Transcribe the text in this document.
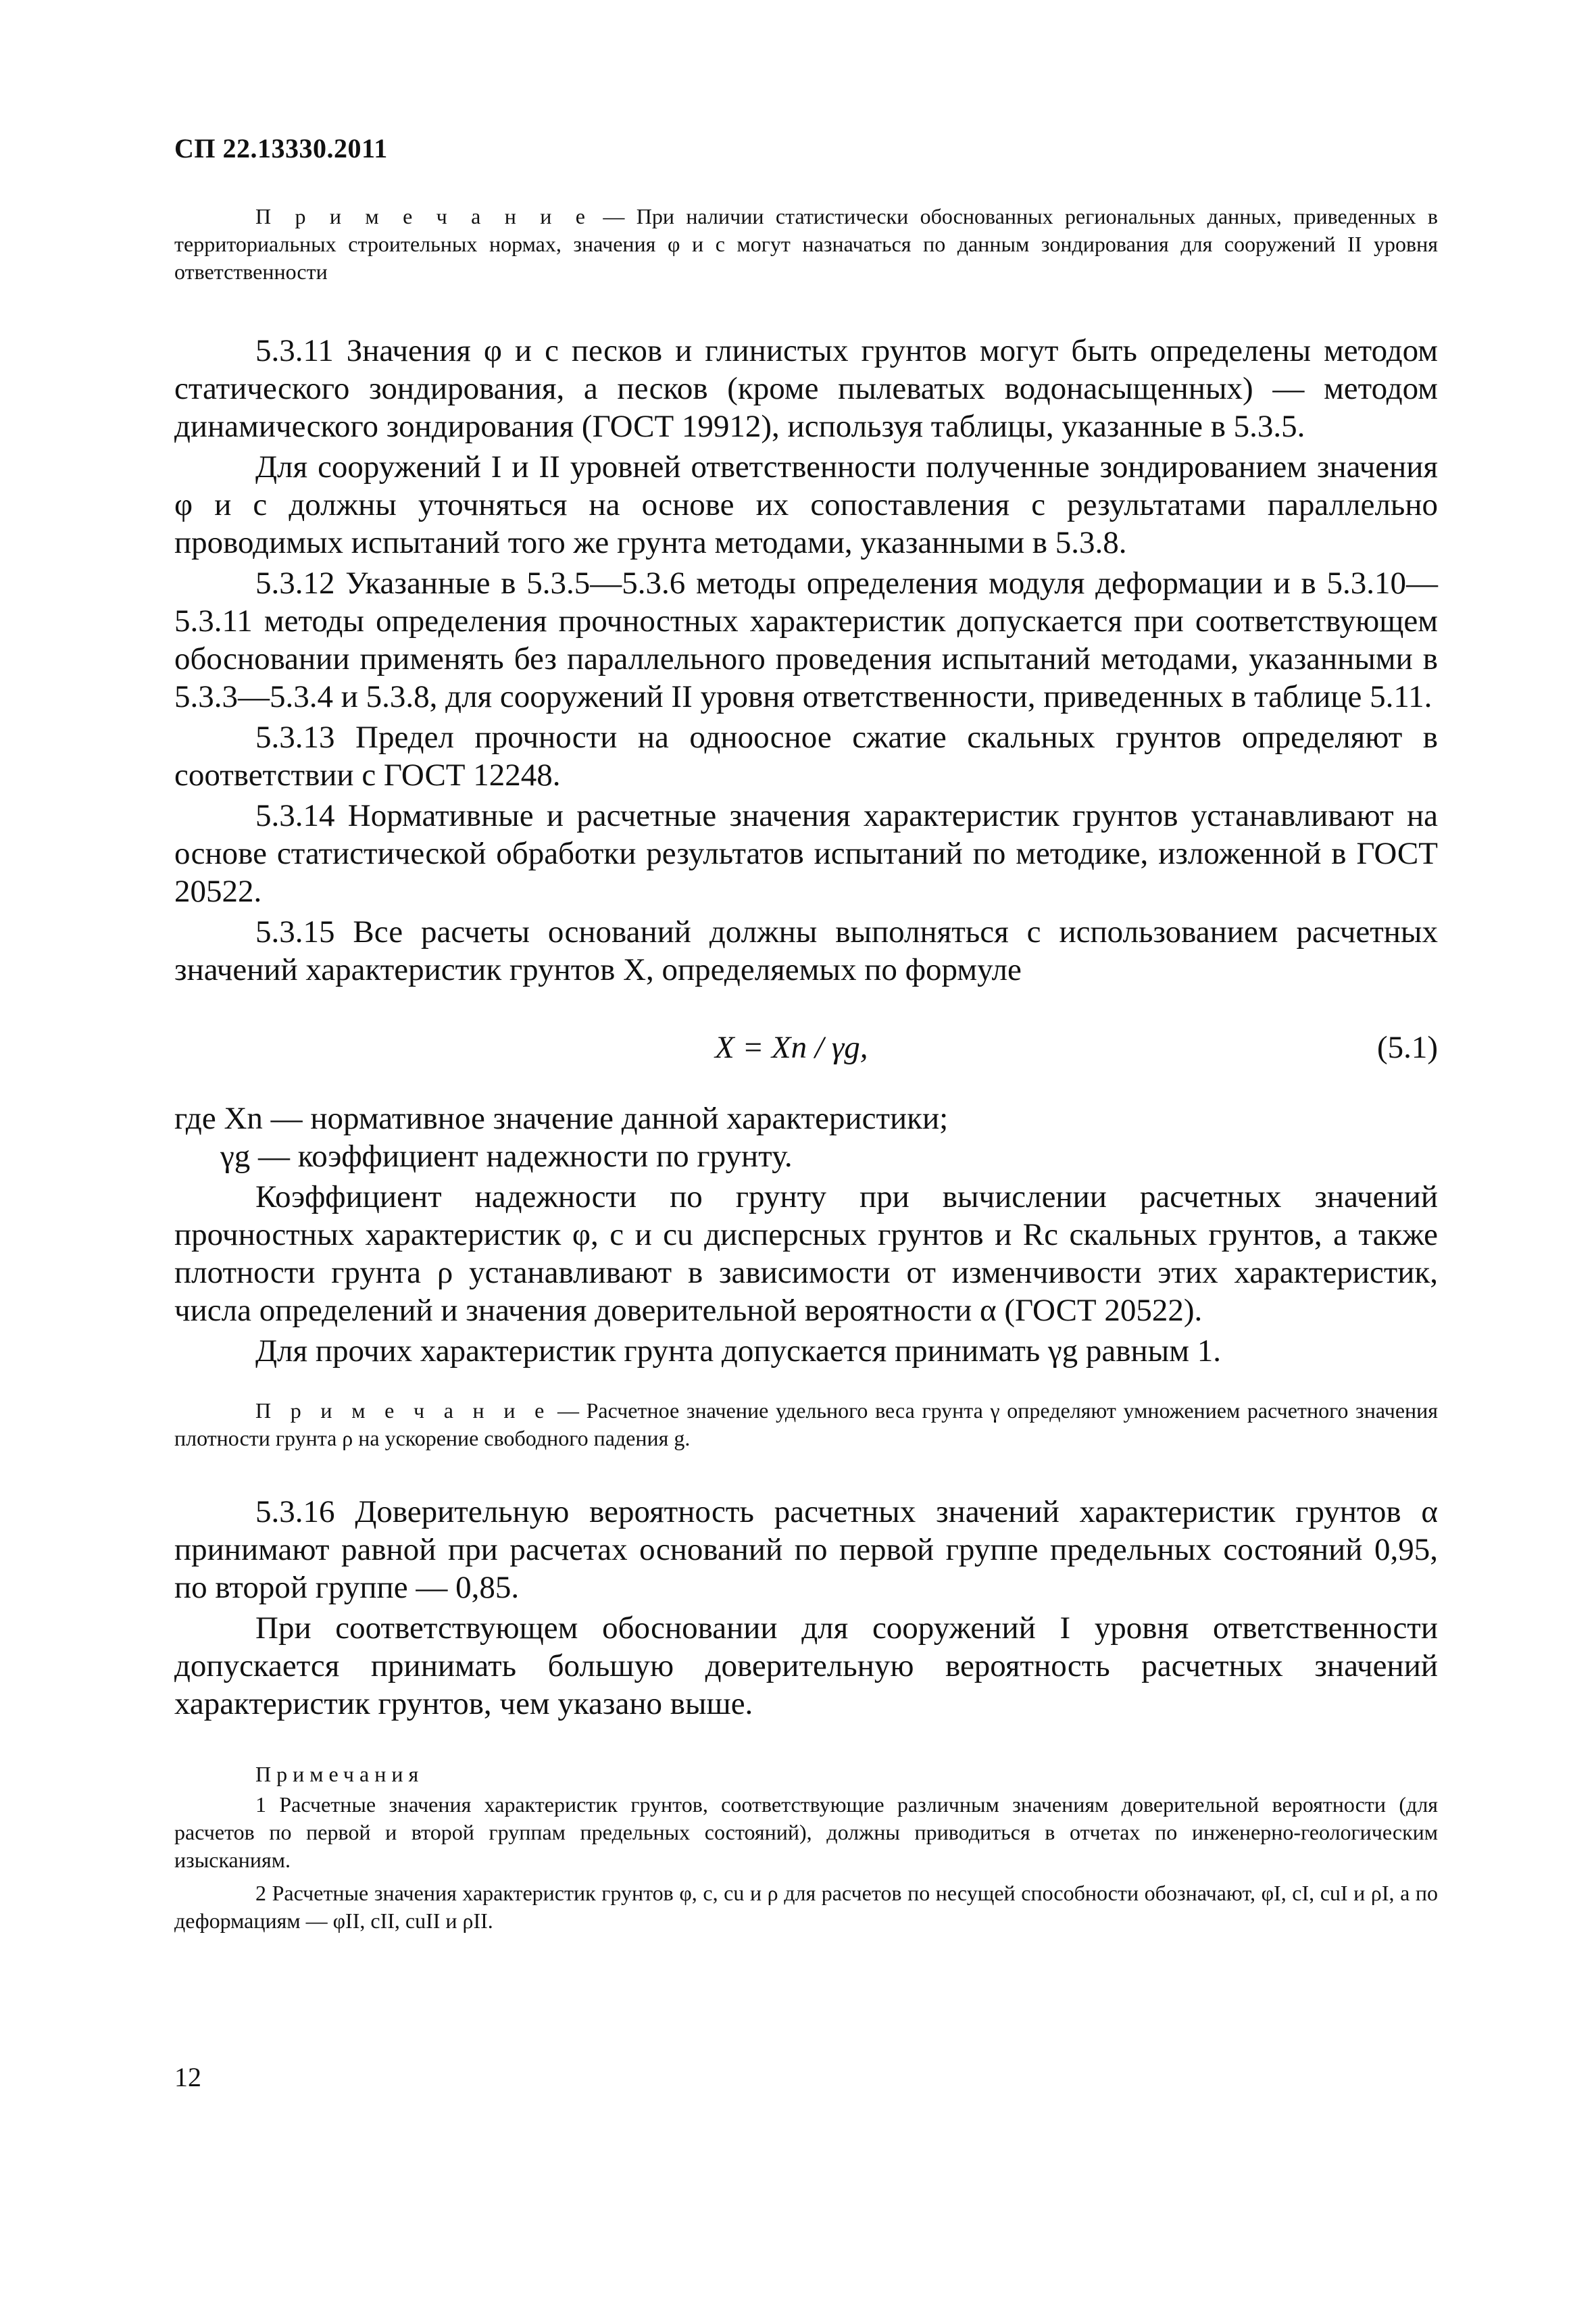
СП 22.13330.2011

П р и м е ч а н и е — При наличии статистически обоснованных региональных данных, приведенных в территориальных строительных нормах, значения φ и c могут назначаться по данным зондирования для сооружений II уровня ответственности

5.3.11 Значения φ и c песков и глинистых грунтов могут быть определены методом статического зондирования, а песков (кроме пылеватых водонасыщенных) — методом динамического зондирования (ГОСТ 19912), используя таблицы, указанные в 5.3.5.

Для сооружений I и II уровней ответственности полученные зондированием значения φ и c должны уточняться на основе их сопоставления с результатами параллельно проводимых испытаний того же грунта методами, указанными в 5.3.8.

5.3.12 Указанные в 5.3.5—5.3.6 методы определения модуля деформации и в 5.3.10—5.3.11 методы определения прочностных характеристик допускается при соответствующем обосновании применять без параллельного проведения испытаний методами, указанными в 5.3.3—5.3.4 и 5.3.8, для сооружений II уровня ответственности, приведенных в таблице 5.11.

5.3.13 Предел прочности на одноосное сжатие скальных грунтов определяют в соответствии с ГОСТ 12248.

5.3.14 Нормативные и расчетные значения характеристик грунтов устанавливают на основе статистической обработки результатов испытаний по методике, изложенной в ГОСТ 20522.

5.3.15 Все расчеты оснований должны выполняться с использованием расчетных значений характеристик грунтов X, определяемых по формуле

X = Xn / γg,	(5.1)

где Xn — нормативное значение данной характеристики;

γg — коэффициент надежности по грунту.

Коэффициент надежности по грунту при вычислении расчетных значений прочностных характеристик φ, c и cu дисперсных грунтов и Rc скальных грунтов, а также плотности грунта ρ устанавливают в зависимости от изменчивости этих характеристик, числа определений и значения доверительной вероятности α (ГОСТ 20522).

Для прочих характеристик грунта допускается принимать γg равным 1.

П р и м е ч а н и е — Расчетное значение удельного веса грунта γ определяют умножением расчетного значения плотности грунта ρ на ускорение свободного падения g.

5.3.16 Доверительную вероятность расчетных значений характеристик грунтов α принимают равной при расчетах оснований по первой группе предельных состояний 0,95, по второй группе — 0,85.

При соответствующем обосновании для сооружений I уровня ответственности допускается принимать большую доверительную вероятность расчетных значений характеристик грунтов, чем указано выше.

Примечания

1 Расчетные значения характеристик грунтов, соответствующие различным значениям доверительной вероятности (для расчетов по первой и второй группам предельных состояний), должны приводиться в отчетах по инженерно-геологическим изысканиям.

2 Расчетные значения характеристик грунтов φ, c, cu и ρ для расчетов по несущей способности обозначают, φI, cI, cuI и ρI, а по деформациям — φII, cII, cuII и ρII.

12
